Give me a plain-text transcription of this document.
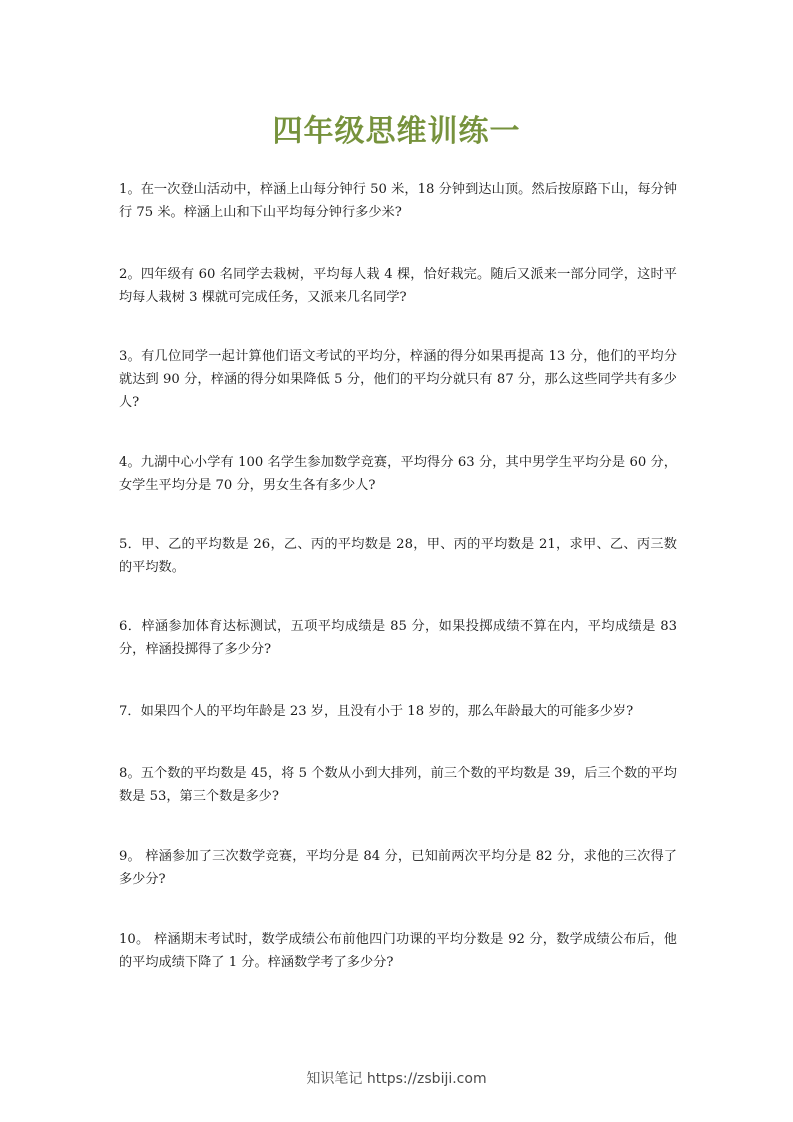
四年级思维训练一

1。在一次登山活动中，梓涵上山每分钟行 50 米，18 分钟到达山顶。然后按原路下山，每分钟行 75 米。梓涵上山和下山平均每分钟行多少米?

2。四年级有 60 名同学去栽树，平均每人栽 4 棵，恰好栽完。随后又派来一部分同学，这时平均每人栽树 3 棵就可完成任务，又派来几名同学?

3。有几位同学一起计算他们语文考试的平均分，梓涵的得分如果再提高 13 分，他们的平均分就达到 90 分，梓涵的得分如果降低 5 分，他们的平均分就只有 87 分，那么这些同学共有多少人?

4。九湖中心小学有 100 名学生参加数学竞赛，平均得分 63 分，其中男学生平均分是 60 分，女学生平均分是 70 分，男女生各有多少人?

5．甲、乙的平均数是 26，乙、丙的平均数是 28，甲、丙的平均数是 21，求甲、乙、丙三数的平均数。

6．梓涵参加体育达标测试，五项平均成绩是 85 分，如果投掷成绩不算在内，平均成绩是 83 分，梓涵投掷得了多少分?

7．如果四个人的平均年龄是 23 岁，且没有小于 18 岁的，那么年龄最大的可能多少岁?

8。五个数的平均数是 45，将 5 个数从小到大排列，前三个数的平均数是 39，后三个数的平均数是 53，第三个数是多少?

9。 梓涵参加了三次数学竞赛，平均分是 84 分，已知前两次平均分是 82 分，求他的三次得了多少分?

10。 梓涵期末考试时，数学成绩公布前他四门功课的平均分数是 92 分，数学成绩公布后，他的平均成绩下降了 1 分。梓涵数学考了多少分?

知识笔记 https://zsbiji.com
